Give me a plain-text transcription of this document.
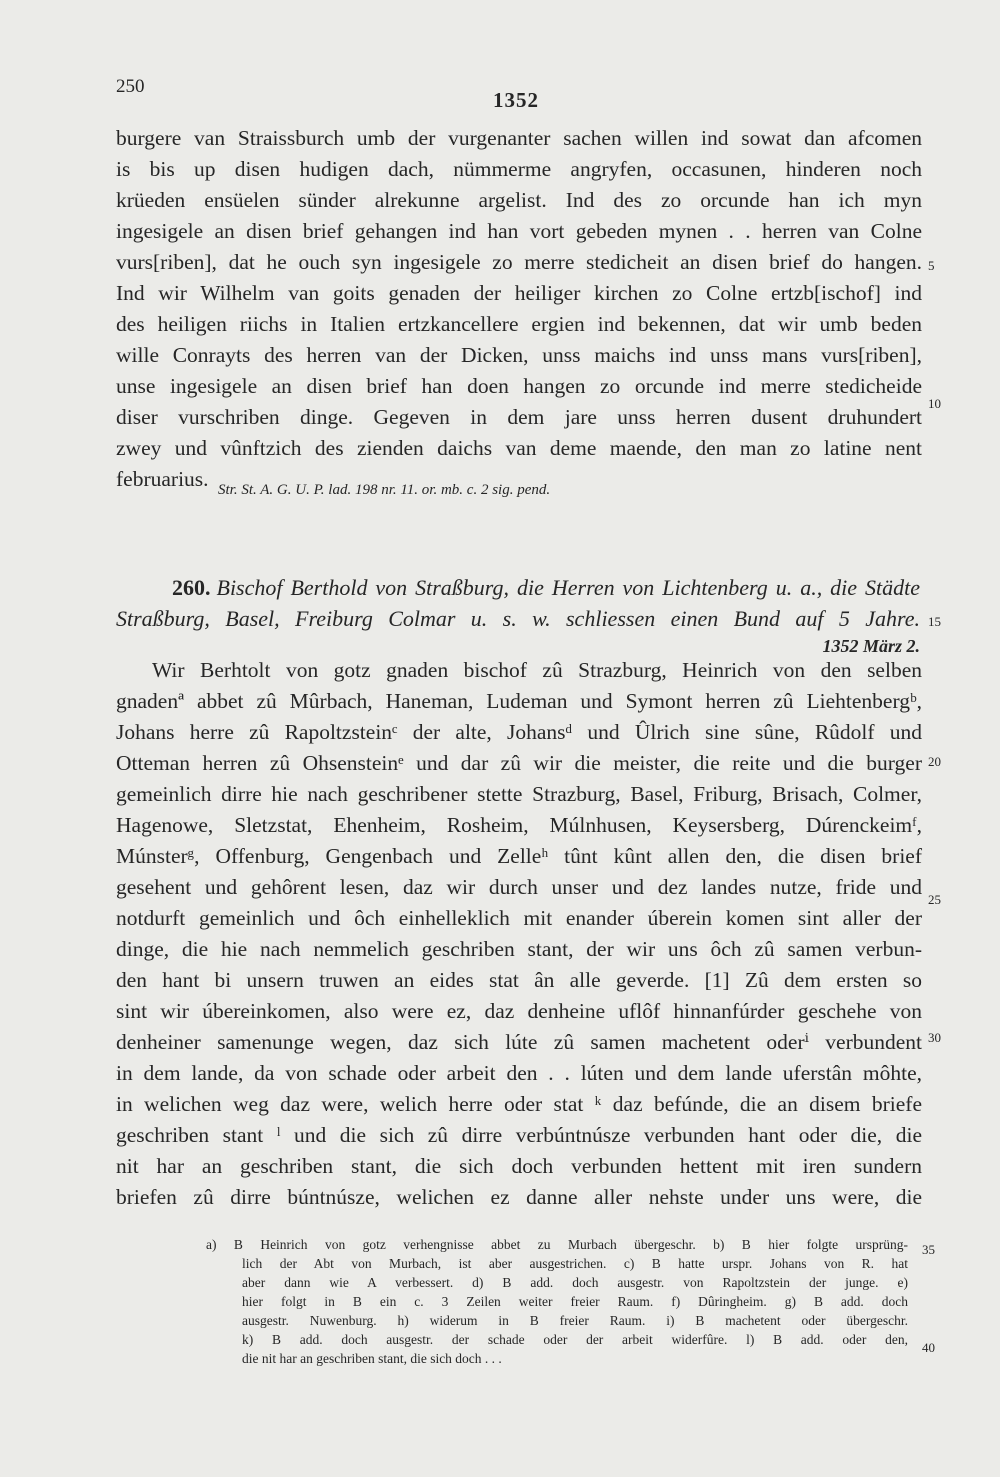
250
1352
burgere van Straissburch umb der vurgenanter sachen willen ind sowat dan afcomen
is bis up disen hudigen dach, nümmerme angryfen, occasunen, hinderen noch
krüeden ensüelen sünder alrekunne argelist. Ind des zo orcunde han ich myn
ingesigele an disen brief gehangen ind han vort gebeden mynen . . herren van Colne
vurs[riben], dat he ouch syn ingesigele zo merre stedicheit an disen brief do hangen.
Ind wir Wilhelm van goits genaden der heiliger kirchen zo Colne ertzb[ischof] ind
des heiligen riichs in Italien ertzkancellere ergien ind bekennen, dat wir umb beden
wille Conrayts des herren van der Dicken, unss maichs ind unss mans vurs[riben],
unse ingesigele an disen brief han doen hangen zo orcunde ind merre stedicheide
diser vurschriben dinge. Gegeven in dem jare unss herren dusent druhundert
zwey und vûnftzich des zienden daichs van deme maende, den man zo latine nent
februarius.
5
10
Str. St. A. G. U. P. lad. 198 nr. 11. or. mb. c. 2 sig. pend.
260. Bischof Berthold von Straßburg, die Herren von Lichtenberg u. a., die Städte
Straßburg, Basel, Freiburg Colmar u. s. w. schliessen einen Bund auf 5 Jahre. 15
1352 März 2.
Wir Berhtolt von gotz gnaden bischof zû Strazburg, Heinrich von den selben
gnadenª abbet zû Mûrbach, Haneman, Ludeman und Symont herren zû Liehtenbergᵇ,
Johans herre zû Rapoltzsteinᶜ der alte, Johansᵈ und Ûlrich sine sûne, Rûdolf und
Otteman herren zû Ohsensteinᵉ und dar zû wir die meister, die reite und die burger
gemeinlich dirre hie nach geschribener stette Strazburg, Basel, Friburg, Brisach, Colmer,
Hagenowe, Sletzstat, Ehenheim, Rosheim, Múlnhusen, Keysersberg, Dúrenckeimᶠ,
Múnsterᵍ, Offenburg, Gengenbach und Zelleʰ tûnt kûnt allen den, die disen brief
gesehent und gehôrent lesen, daz wir durch unser und dez landes nutze, fride und
notdurft gemeinlich und ôch einhelleklich mit enander úberein komen sint aller der
dinge, die hie nach nemmelich geschriben stant, der wir uns ôch zû samen verbun-
den hant bi unsern truwen an eides stat ân alle geverde. [1] Zû dem ersten so
sint wir úbereinkomen, also were ez, daz denheine uflôf hinnanfúrder geschehe von
denheiner samenunge wegen, daz sich lúte zû samen machetent oderⁱ verbundent
in dem lande, da von schade oder arbeit den . . lúten und dem lande uferstân môhte,
in welichen weg daz were, welich herre oder stat ᵏ daz befúnde, die an disem briefe
geschriben stant ˡ und die sich zû dirre verbúntnúsze verbunden hant oder die, die
nit har an geschriben stant, die sich doch verbunden hettent mit iren sundern
briefen zû dirre búntnúsze, welichen ez danne aller nehste under uns were, die
20
25
30
a) B Heinrich von gotz verhengnisse abbet zu Murbach übergeschr. b) B hier folgte ursprüng-
lich der Abt von Murbach, ist aber ausgestrichen. c) B hatte urspr. Johans von R. hat
aber dann wie A verbessert. d) B add. doch ausgestr. von Rapoltzstein der junge. e)
hier folgt in B ein c. 3 Zeilen weiter freier Raum. f) Dûringheim. g) B add. doch
ausgestr. Nuwenburg. h) widerum in B freier Raum. i) B machetent oder übergeschr.
k) B add. doch ausgestr. der schade oder der arbeit widerfûre. l) B add. oder den,
die nit har an geschriben stant, die sich doch . . .
35
40
